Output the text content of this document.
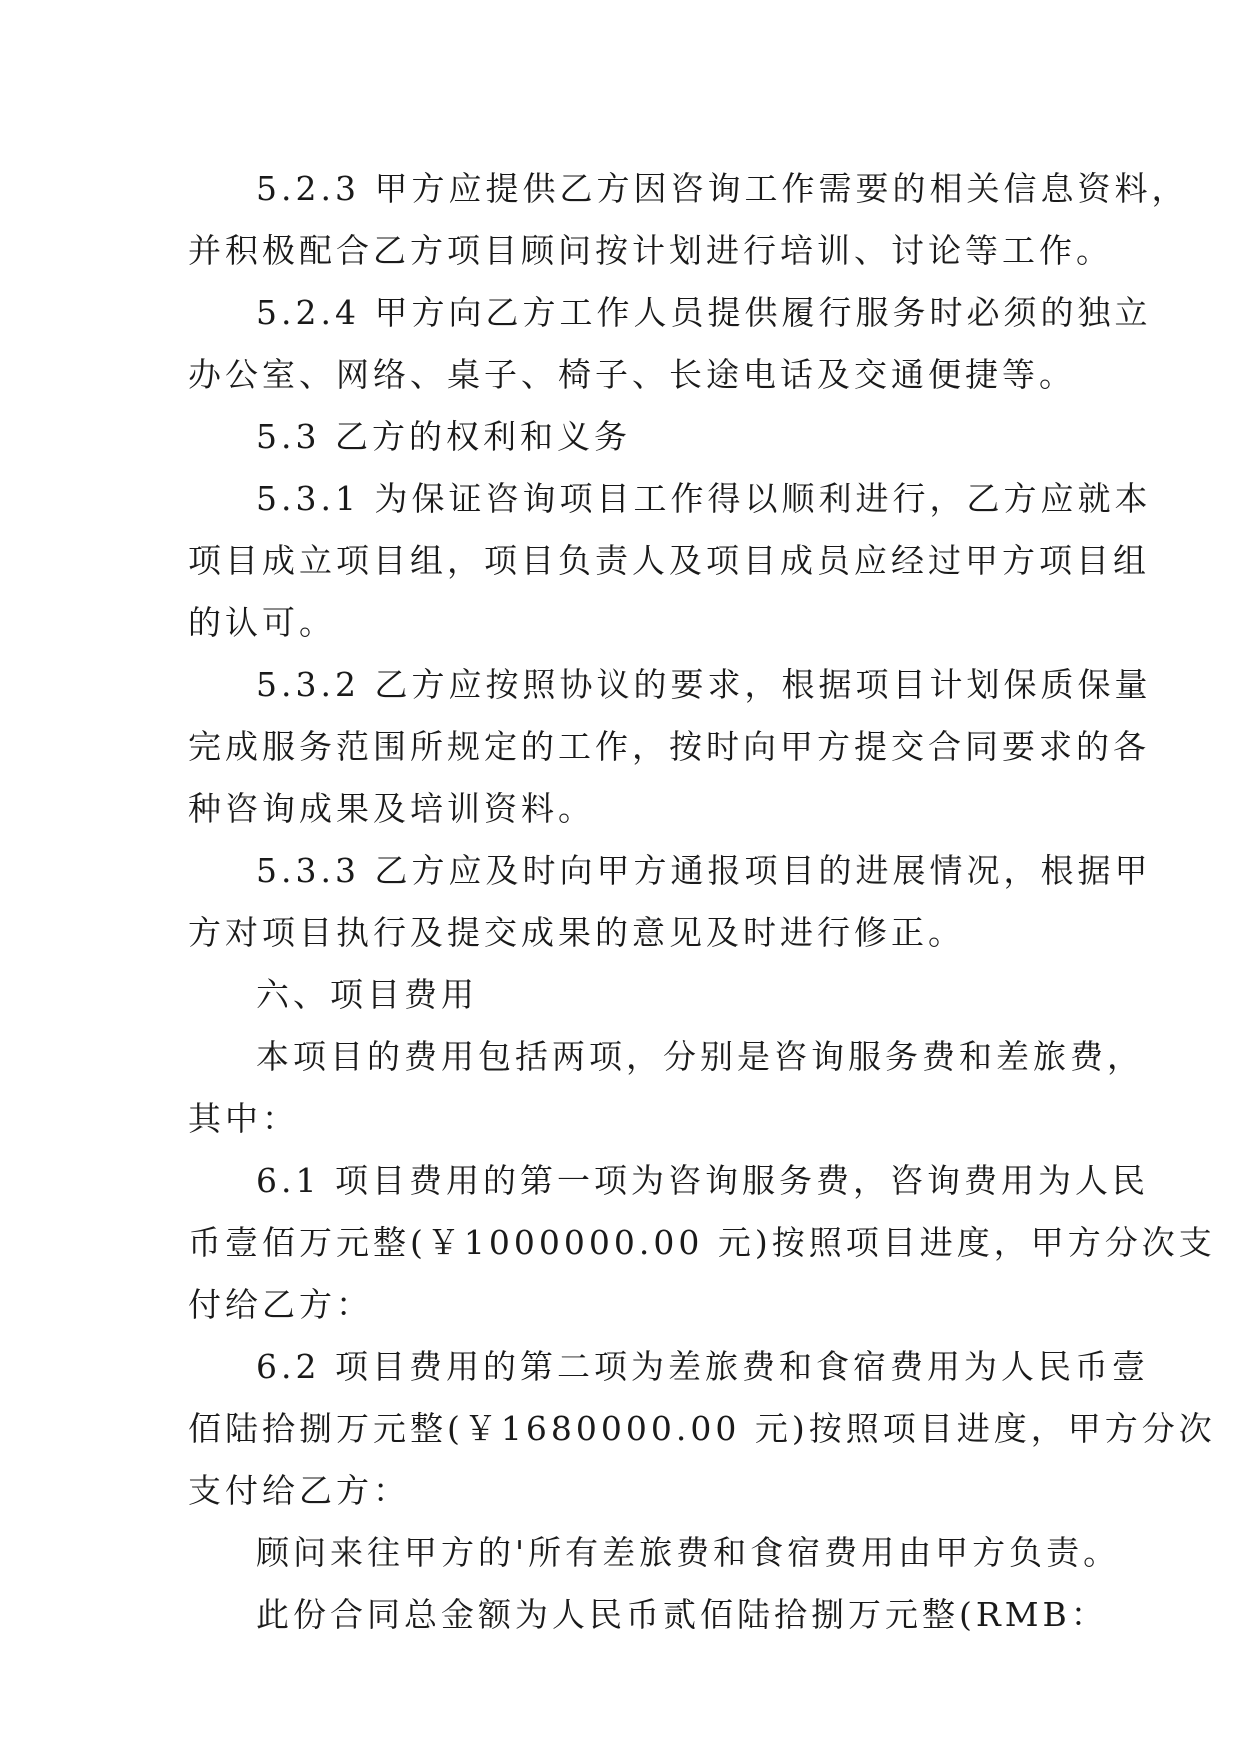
5.2.3 甲方应提供乙方因咨询工作需要的相关信息资料，
并积极配合乙方项目顾问按计划进行培训、讨论等工作。
5.2.4 甲方向乙方工作人员提供履行服务时必须的独立
办公室、网络、桌子、椅子、长途电话及交通便捷等。
5.3 乙方的权利和义务
5.3.1 为保证咨询项目工作得以顺利进行，乙方应就本
项目成立项目组，项目负责人及项目成员应经过甲方项目组
的认可。
5.3.2 乙方应按照协议的要求，根据项目计划保质保量
完成服务范围所规定的工作，按时向甲方提交合同要求的各
种咨询成果及培训资料。
5.3.3 乙方应及时向甲方通报项目的进展情况，根据甲
方对项目执行及提交成果的意见及时进行修正。
六、项目费用
本项目的费用包括两项，分别是咨询服务费和差旅费，
其中：
6.1 项目费用的第一项为咨询服务费，咨询费用为人民
币壹佰万元整(￥1000000.00 元)按照项目进度，甲方分次支
付给乙方：
6.2 项目费用的第二项为差旅费和食宿费用为人民币壹
佰陆拾捌万元整(￥1680000.00 元)按照项目进度，甲方分次
支付给乙方：
顾问来往甲方的'所有差旅费和食宿费用由甲方负责。
此份合同总金额为人民币贰佰陆拾捌万元整(RMB：
